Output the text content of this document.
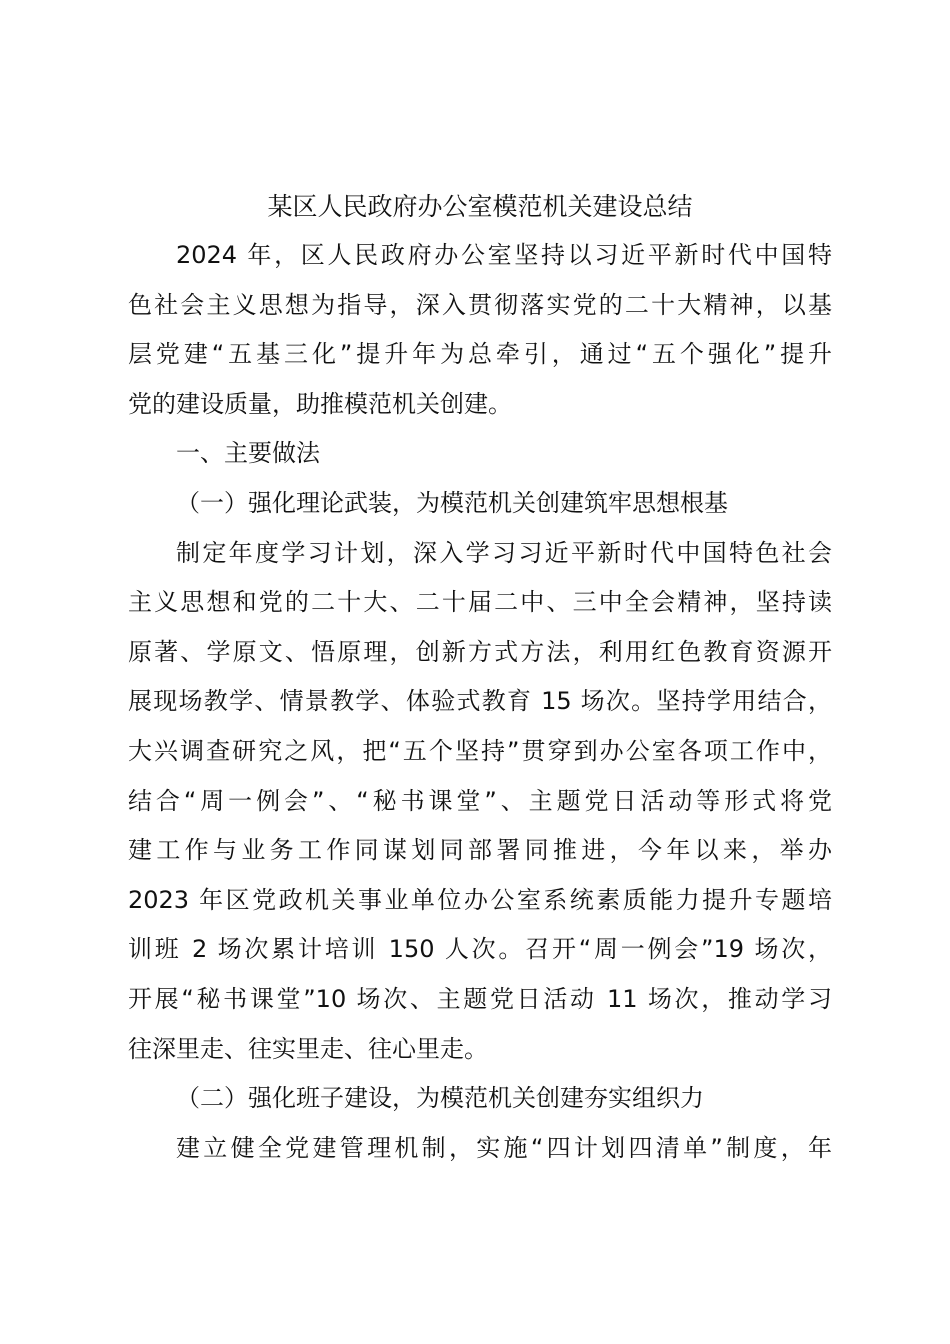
某区人民政府办公室模范机关建设总结

2024 年，区人民政府办公室坚持以习近平新时代中国特
色社会主义思想为指导，深入贯彻落实党的二十大精神，以基
层党建“五基三化”提升年为总牵引，通过“五个强化”提升
党的建设质量，助推模范机关创建。

一、主要做法

（一）强化理论武装，为模范机关创建筑牢思想根基

制定年度学习计划，深入学习习近平新时代中国特色社会
主义思想和党的二十大、二十届二中、三中全会精神，坚持读
原著、学原文、悟原理，创新方式方法，利用红色教育资源开
展现场教学、情景教学、体验式教育 15 场次。坚持学用结合，
大兴调查研究之风，把“五个坚持”贯穿到办公室各项工作中，
结合“周一例会”、“秘书课堂”、主题党日活动等形式将党
建工作与业务工作同谋划同部署同推进，今年以来，举办
2023 年区党政机关事业单位办公室系统素质能力提升专题培
训班 2 场次累计培训 150 人次。召开“周一例会”19 场次，
开展“秘书课堂”10 场次、主题党日活动 11 场次，推动学习
往深里走、往实里走、往心里走。

（二）强化班子建设，为模范机关创建夯实组织力

建立健全党建管理机制，实施“四计划四清单”制度，年
